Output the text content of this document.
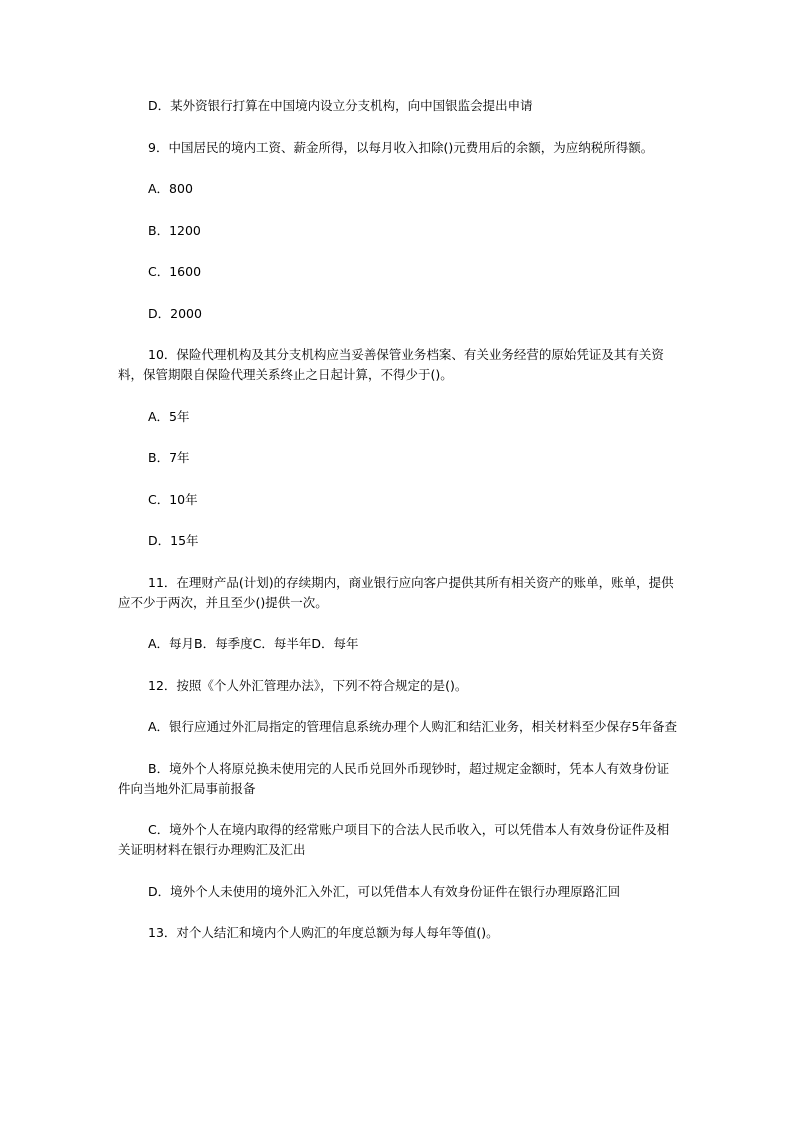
D．某外资银行打算在中国境内设立分支机构，向中国银监会提出申请

9．中国居民的境内工资、薪金所得，以每月收入扣除()元费用后的余额，为应纳税所得额。

A．800

B．1200

C．1600

D．2000

10．保险代理机构及其分支机构应当妥善保管业务档案、有关业务经营的原始凭证及其有关资料，保管期限自保险代理关系终止之日起计算，不得少于()。

A．5年

B．7年

C．10年

D．15年

11．在理财产品(计划)的存续期内，商业银行应向客户提供其所有相关资产的账单，账单，提供应不少于两次，并且至少()提供一次。

A．每月B．每季度C．每半年D．每年

12．按照《个人外汇管理办法》，下列不符合规定的是()。

A．银行应通过外汇局指定的管理信息系统办理个人购汇和结汇业务，相关材料至少保存5年备查

B．境外个人将原兑换未使用完的人民币兑回外币现钞时，超过规定金额时，凭本人有效身份证件向当地外汇局事前报备

C．境外个人在境内取得的经常账户项目下的合法人民币收入，可以凭借本人有效身份证件及相关证明材料在银行办理购汇及汇出

D．境外个人未使用的境外汇入外汇，可以凭借本人有效身份证件在银行办理原路汇回

13．对个人结汇和境内个人购汇的年度总额为每人每年等值()。
